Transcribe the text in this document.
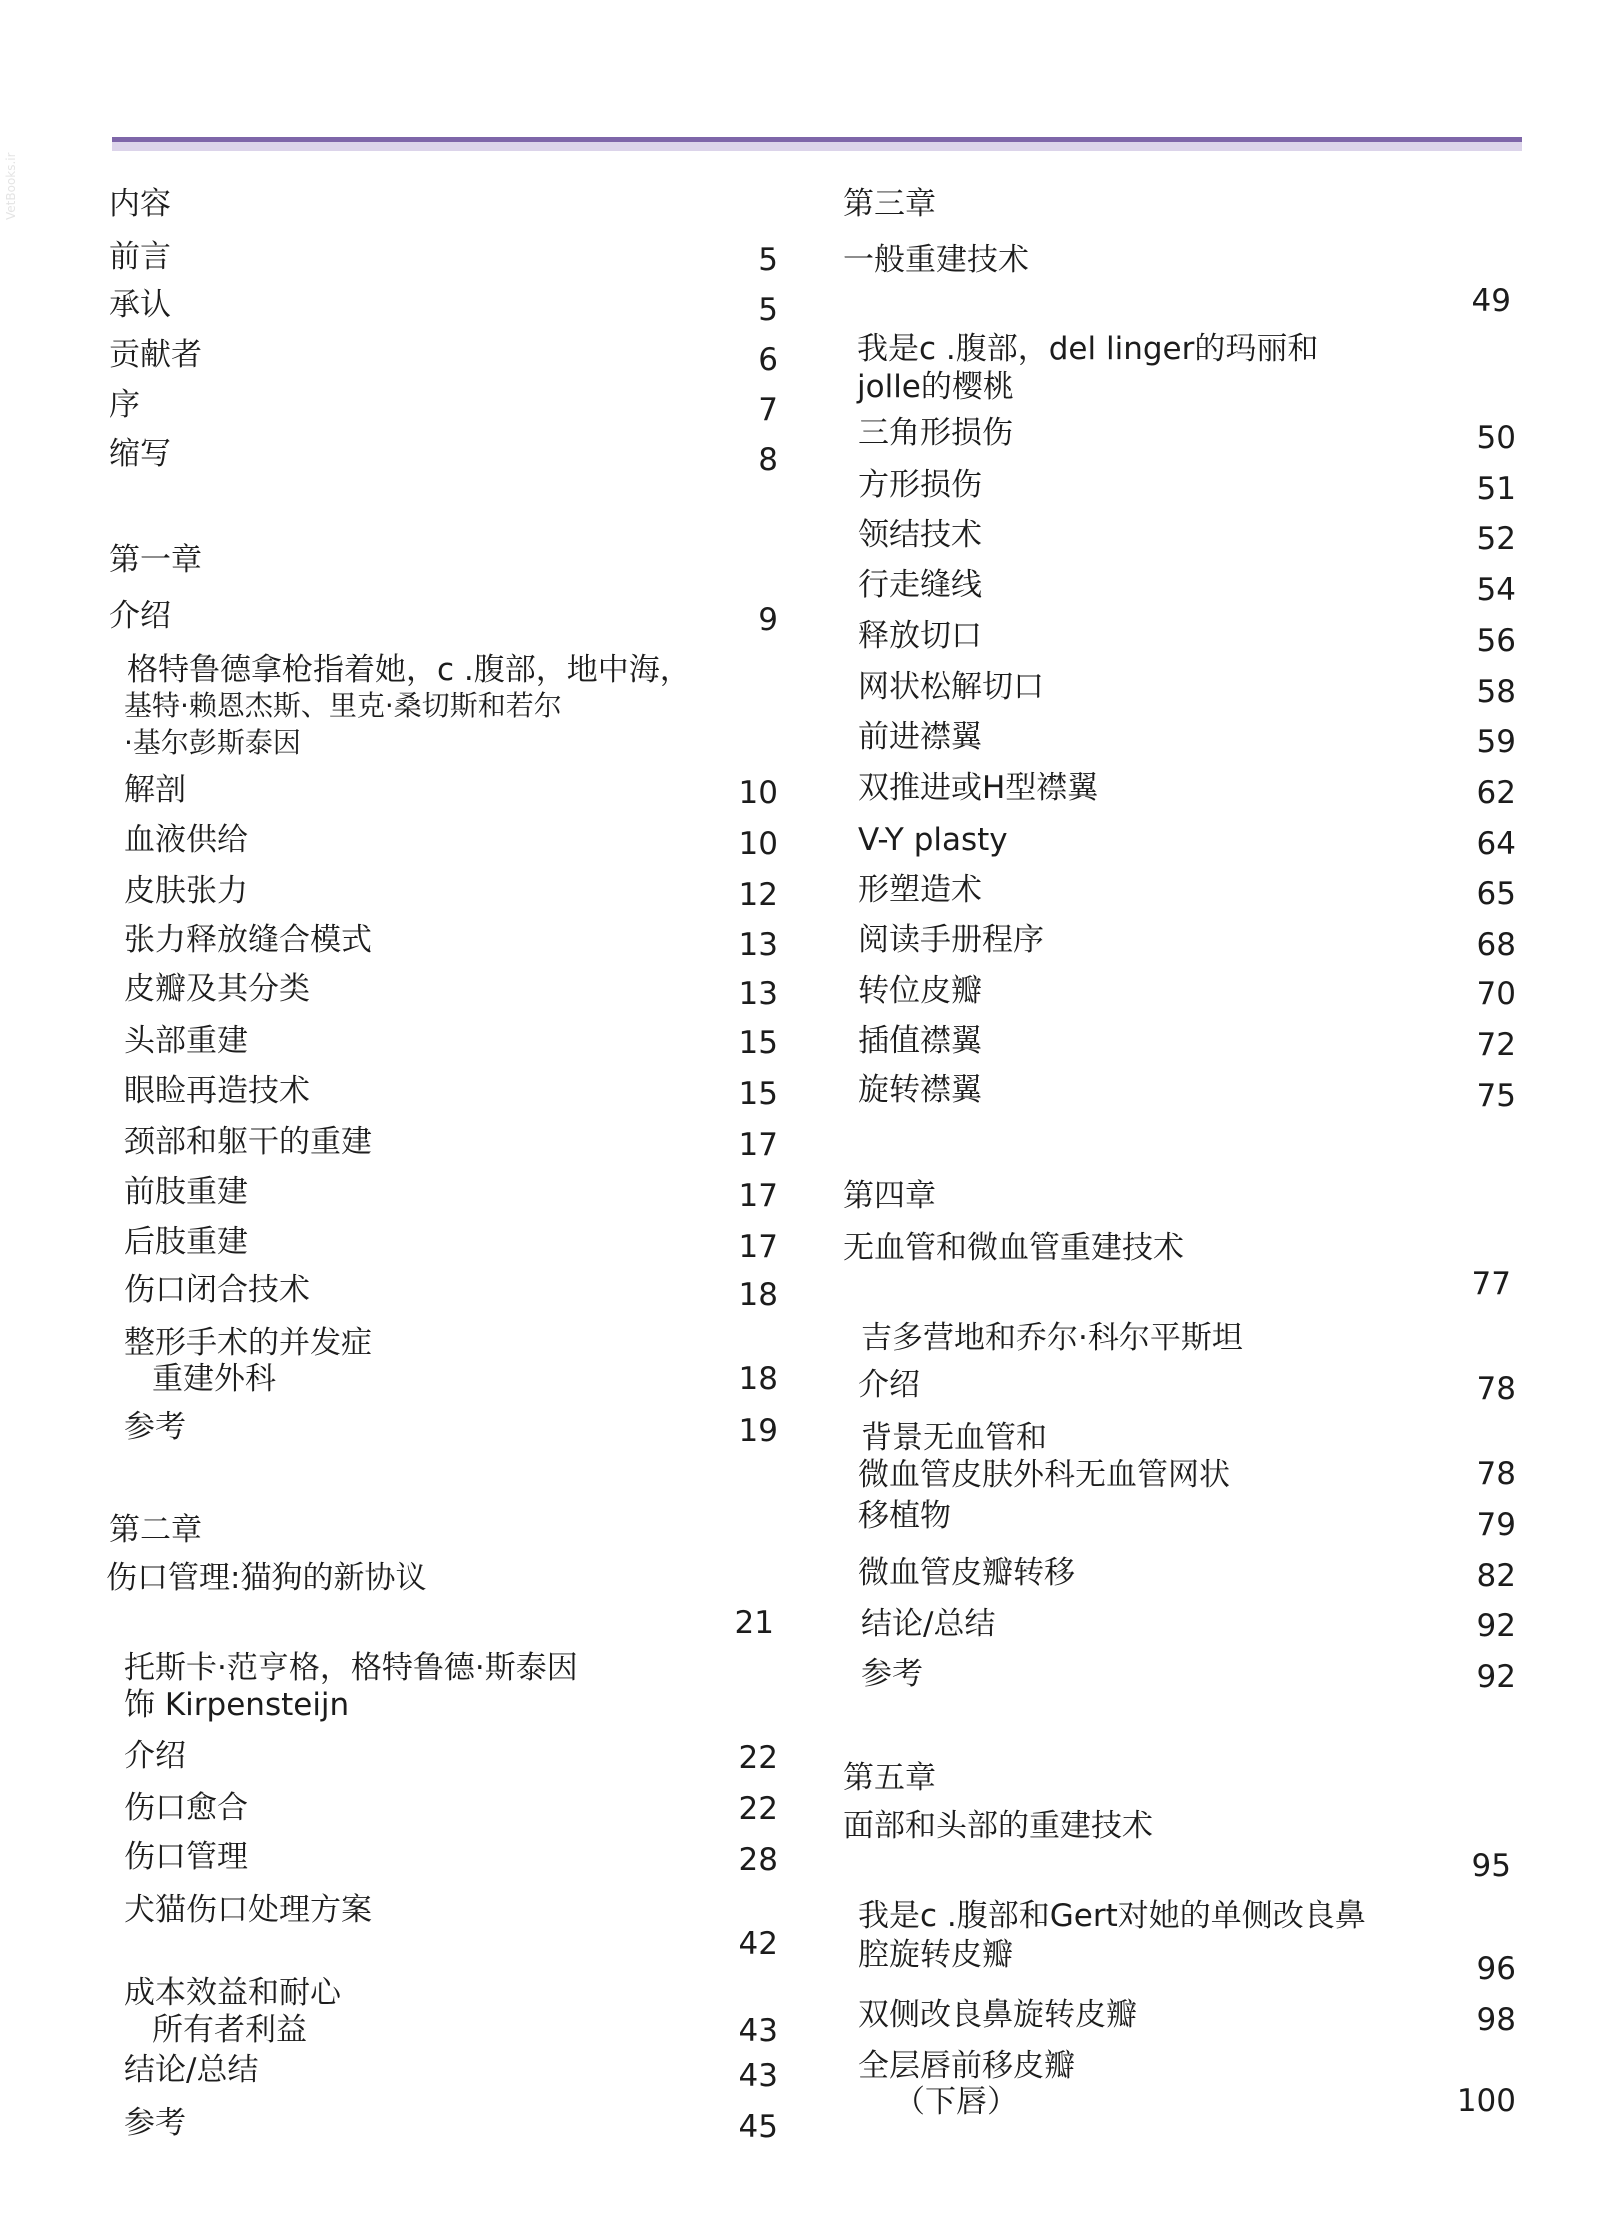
VetBooks.ir	内容
前言	5
承认	5
贡献者	6
序	7
缩写	8
第一章
介绍	9
格特鲁德拿枪指着她，c .腹部，地中海，
基特·赖恩杰斯、里克·桑切斯和若尔
·基尔彭斯泰因
解剖	10
血液供给	10
皮肤张力	12
张力释放缝合模式	13
皮瓣及其分类	13
头部重建	15
眼睑再造技术	15
颈部和躯干的重建	17
前肢重建	17
后肢重建	17
伤口闭合技术	18
整形手术的并发症
重建外科	18
参考	19
第二章
伤口管理:猫狗的新协议
21
托斯卡·范亨格，格特鲁德·斯泰因
饰 Kirpensteijn
介绍	22
伤口愈合	22
伤口管理	28
犬猫伤口处理方案
42
成本效益和耐心
所有者利益	43
结论/总结	43
参考	45
第三章
一般重建技术
49
我是c .腹部，del linger的玛丽和
jolle的樱桃
三角形损伤	50
方形损伤	51
领结技术	52
行走缝线	54
释放切口	56
网状松解切口	58
前进襟翼	59
双推进或H型襟翼	62
V-Y plasty	64
形塑造术	65
阅读手册程序	68
转位皮瓣	70
插值襟翼	72
旋转襟翼	75
第四章
无血管和微血管重建技术
77
吉多营地和乔尔·科尔平斯坦
介绍	78
背景无血管和
微血管皮肤外科无血管网状	78
移植物	79
微血管皮瓣转移	82
结论/总结	92
参考	92
第五章
面部和头部的重建技术
95
我是c .腹部和Gert对她的单侧改良鼻
腔旋转皮瓣	96
双侧改良鼻旋转皮瓣	98
全层唇前移皮瓣
（下唇）	100
